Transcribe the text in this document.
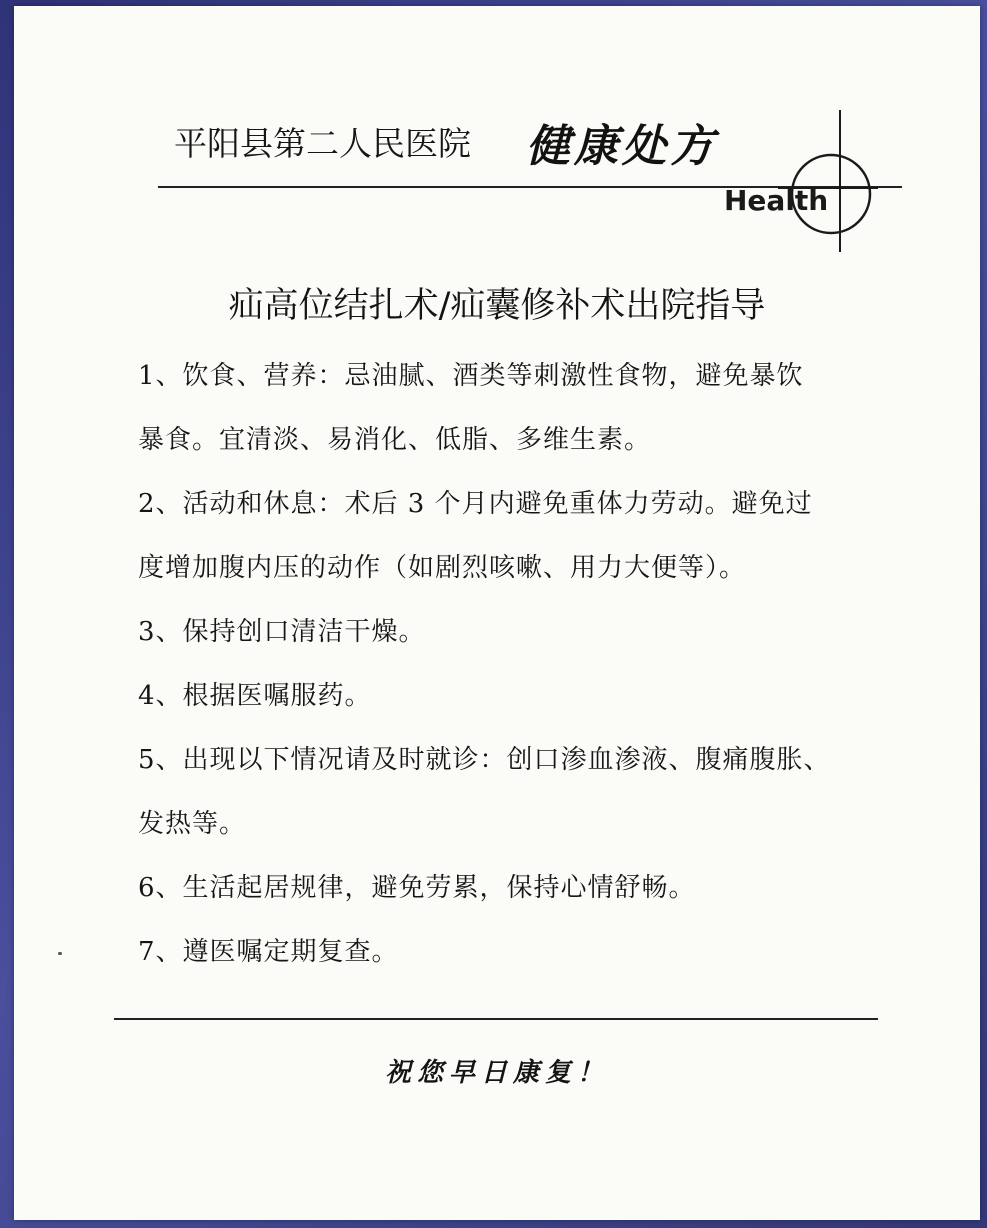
平阳县第二人民医院 健康处方
Health
疝高位结扎术/疝囊修补术出院指导
1、饮食、营养：忌油腻、酒类等刺激性食物，避免暴饮
暴食。宜清淡、易消化、低脂、多维生素。
2、活动和休息：术后 3 个月内避免重体力劳动。避免过
度增加腹内压的动作（如剧烈咳嗽、用力大便等）。
3、保持创口清洁干燥。
4、根据医嘱服药。
5、出现以下情况请及时就诊：创口渗血渗液、腹痛腹胀、
发热等。
6、生活起居规律，避免劳累，保持心情舒畅。
7、遵医嘱定期复查。
祝您早日康复！
